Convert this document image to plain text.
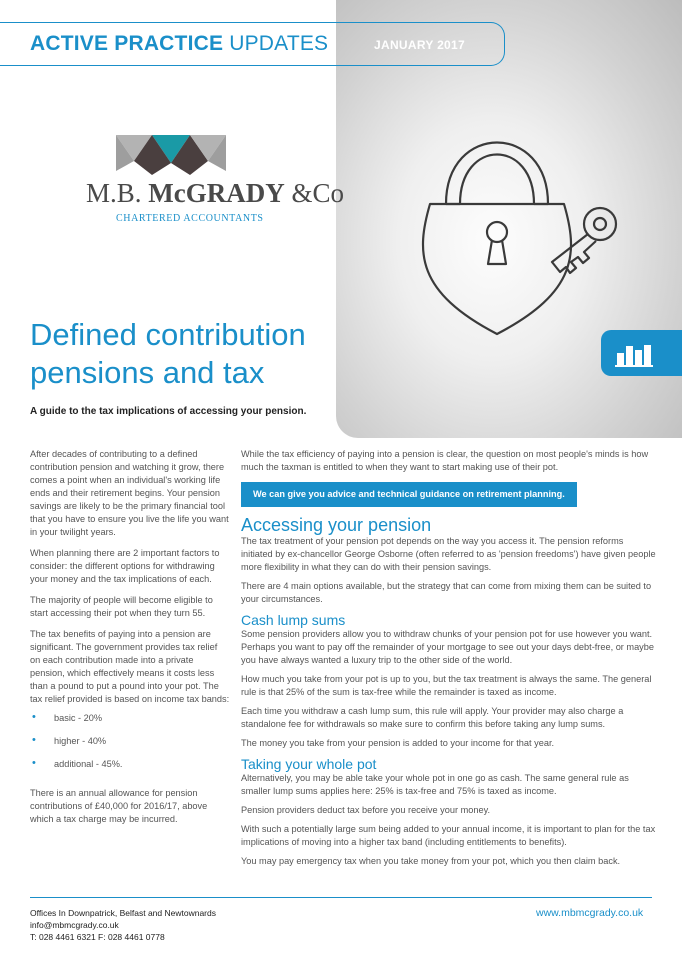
ACTIVE PRACTICE UPDATES	JANUARY 2017
M.B. McGRADY &Co
CHARTERED ACCOUNTANTS
Defined contribution pensions and tax
A guide to the tax implications of accessing your pension.

After decades of contributing to a defined contribution pension and watching it grow, there comes a point when an individual's working life ends and their retirement begins. Your pension savings are likely to be the primary financial tool that you have to ensure you live the life you want in your twilight years.

When planning there are 2 important factors to consider: the different options for withdrawing your money and the tax implications of each.

The majority of people will become eligible to start accessing their pot when they turn 55.

The tax benefits of paying into a pension are significant. The government provides tax relief on each contribution made into a private pension, which effectively means it costs less than a pound to put a pound into your pot. The tax relief provided is based on income tax bands:

• basic - 20%
• higher - 40%
• additional - 45%.

There is an annual allowance for pension contributions of £40,000 for 2016/17, above which a tax charge may be incurred.

While the tax efficiency of paying into a pension is clear, the question on most people's minds is how much the taxman is entitled to when they want to start making use of their pot.

We can give you advice and technical guidance on retirement planning.
Accessing your pension

The tax treatment of your pension pot depends on the way you access it. The pension reforms initiated by ex-chancellor George Osborne (often referred to as 'pension freedoms') have given people more flexibility in what they can do with their pension savings.

There are 4 main options available, but the strategy that can come from mixing them can be suited to your circumstances.

Cash lump sums

Some pension providers allow you to withdraw chunks of your pension pot for use however you want. Perhaps you want to pay off the remainder of your mortgage to see out your days debt-free, or maybe you have always wanted a luxury trip to the other side of the world.

How much you take from your pot is up to you, but the tax treatment is always the same. The general rule is that 25% of the sum is tax-free while the remainder is taxed as income.

Each time you withdraw a cash lump sum, this rule will apply. Your provider may also charge a standalone fee for withdrawals so make sure to confirm this before taking any lump sums.

The money you take from your pension is added to your income for that year.

Taking your whole pot

Alternatively, you may be able take your whole pot in one go as cash. The same general rule as smaller lump sums applies here: 25% is tax-free and 75% is taxed as income.

Pension providers deduct tax before you receive your money.

With such a potentially large sum being added to your annual income, it is important to plan for the tax implications of moving into a higher tax band (including entitlements to benefits).

You may pay emergency tax when you take money from your pot, which you then claim back.

Offices In Downpatrick, Belfast and Newtownards
info@mbmcgrady.co.uk
T: 028 4461 6321 F: 028 4461 0778
www.mbmcgrady.co.uk
